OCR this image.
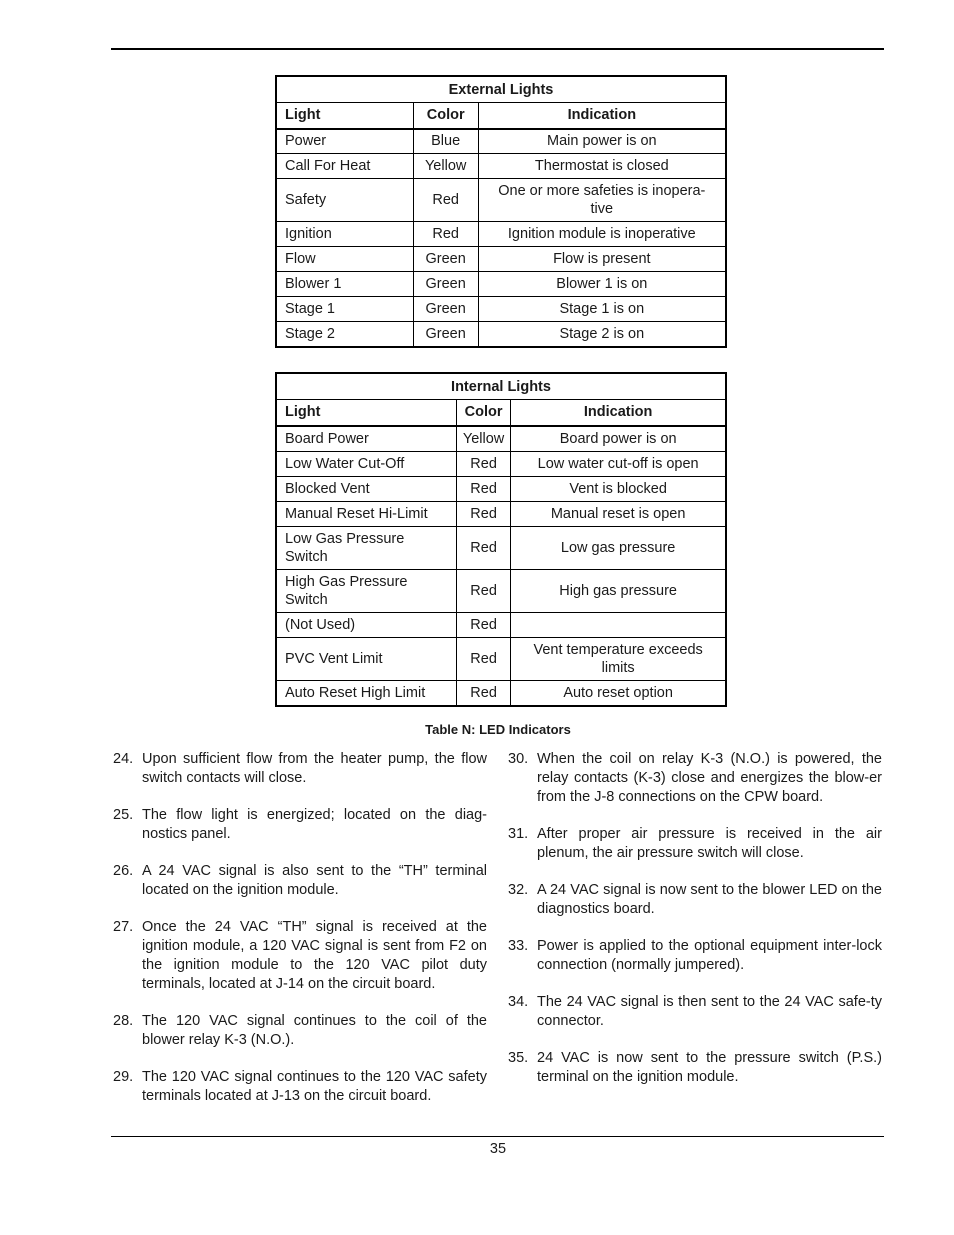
External Lights		
Light	Color	Indication
Power	Blue	Main power is on
Call For Heat	Yellow	Thermostat is closed
Safety	Red	One or more safeties is inopera-
tive
Ignition	Red	Ignition module is inoperative
Flow	Green	Flow is present
Blower 1	Green	Blower 1 is on
Stage 1	Green	Stage 1 is on
Stage 2	Green	Stage 2 is on
Internal Lights		
Light	Color	Indication
Board Power	Yellow	Board power is on
Low Water Cut-Off	Red	Low water cut-off is open
Blocked Vent	Red	Vent is blocked
Manual Reset Hi-Limit	Red	Manual reset is open
Low Gas Pressure
Switch	Red	Low gas pressure
High Gas Pressure
Switch	Red	High gas pressure
(Not Used)	Red	
PVC Vent Limit	Red	Vent temperature exceeds
limits
Auto Reset High Limit	Red	Auto reset option
Table N: LED Indicators
24. Upon sufficient flow from the heater pump, the flow switch contacts will close.
25. The flow light is energized; located on the diag-nostics panel.
26. A 24 VAC signal is also sent to the “TH” terminal located on the ignition module.
27. Once the 24 VAC “TH” signal is received at the ignition module, a 120 VAC signal is sent from F2 on the ignition module to the 120 VAC pilot duty terminals, located at J-14 on the circuit board.
28. The 120 VAC signal continues to the coil of the blower relay K-3 (N.O.).
29. The 120 VAC signal continues to the 120 VAC safety terminals located at J-13 on the circuit board.
30. When the coil on relay K-3 (N.O.) is powered, the relay contacts (K-3) close and energizes the blow-er from the J-8 connections on the CPW board.
31. After proper air pressure is received in the air plenum, the air pressure switch will close.
32. A 24 VAC signal is now sent to the blower LED on the diagnostics board.
33. Power is applied to the optional equipment inter-lock connection (normally jumpered).
34. The 24 VAC signal is then sent to the 24 VAC safe-ty connector.
35. 24 VAC is now sent to the pressure switch (P.S.) terminal on the ignition module.
35
